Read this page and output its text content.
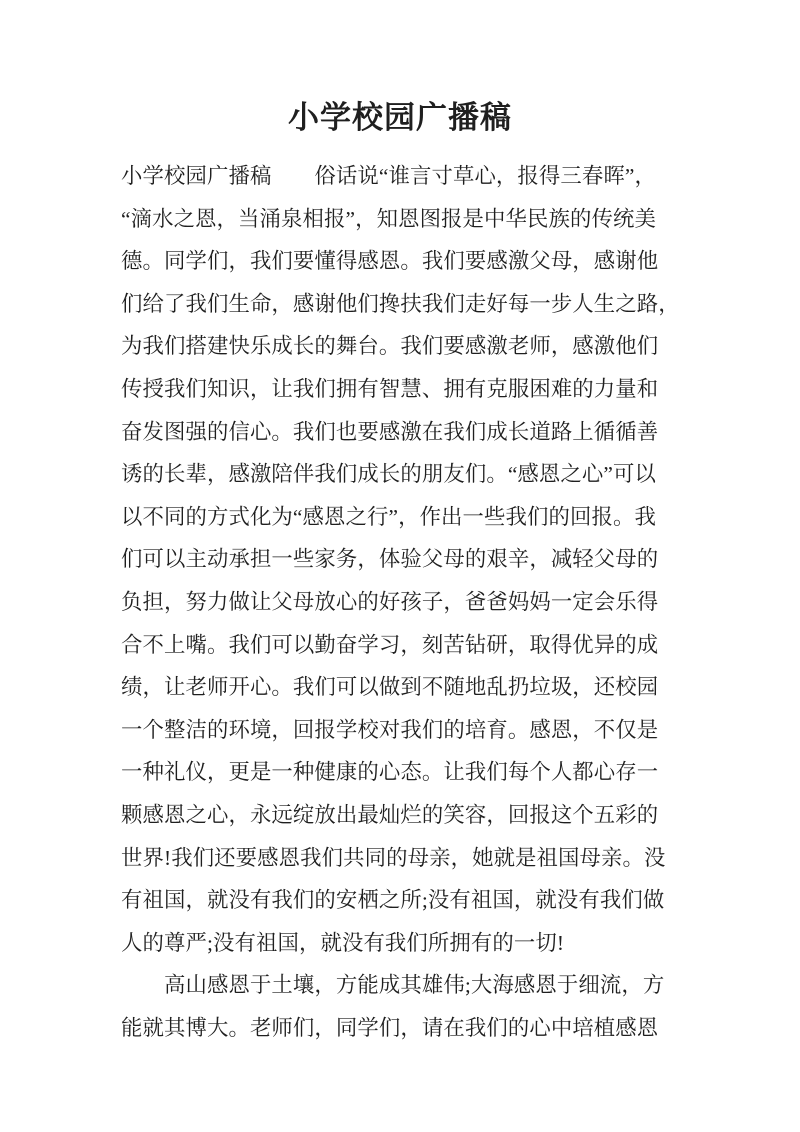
小学校园广播稿
小学校园广播稿　　俗话说“谁言寸草心，报得三春晖”，
“滴水之恩，当涌泉相报”，知恩图报是中华民族的传统美
德。同学们，我们要懂得感恩。我们要感激父母，感谢他
们给了我们生命，感谢他们搀扶我们走好每一步人生之路，
为我们搭建快乐成长的舞台。我们要感激老师，感激他们
传授我们知识，让我们拥有智慧、拥有克服困难的力量和
奋发图强的信心。我们也要感激在我们成长道路上循循善
诱的长辈，感激陪伴我们成长的朋友们。“感恩之心”可以
以不同的方式化为“感恩之行”，作出一些我们的回报。我
们可以主动承担一些家务，体验父母的艰辛，减轻父母的
负担，努力做让父母放心的好孩子，爸爸妈妈一定会乐得
合不上嘴。我们可以勤奋学习，刻苦钻研，取得优异的成
绩，让老师开心。我们可以做到不随地乱扔垃圾，还校园
一个整洁的环境，回报学校对我们的培育。感恩，不仅是
一种礼仪，更是一种健康的心态。让我们每个人都心存一
颗感恩之心，永远绽放出最灿烂的笑容，回报这个五彩的
世界!我们还要感恩我们共同的母亲，她就是祖国母亲。没
有祖国，就没有我们的安栖之所;没有祖国，就没有我们做
人的尊严;没有祖国，就没有我们所拥有的一切!
　　高山感恩于土壤，方能成其雄伟;大海感恩于细流，方
能就其博大。老师们，同学们，请在我们的心中培植感恩
